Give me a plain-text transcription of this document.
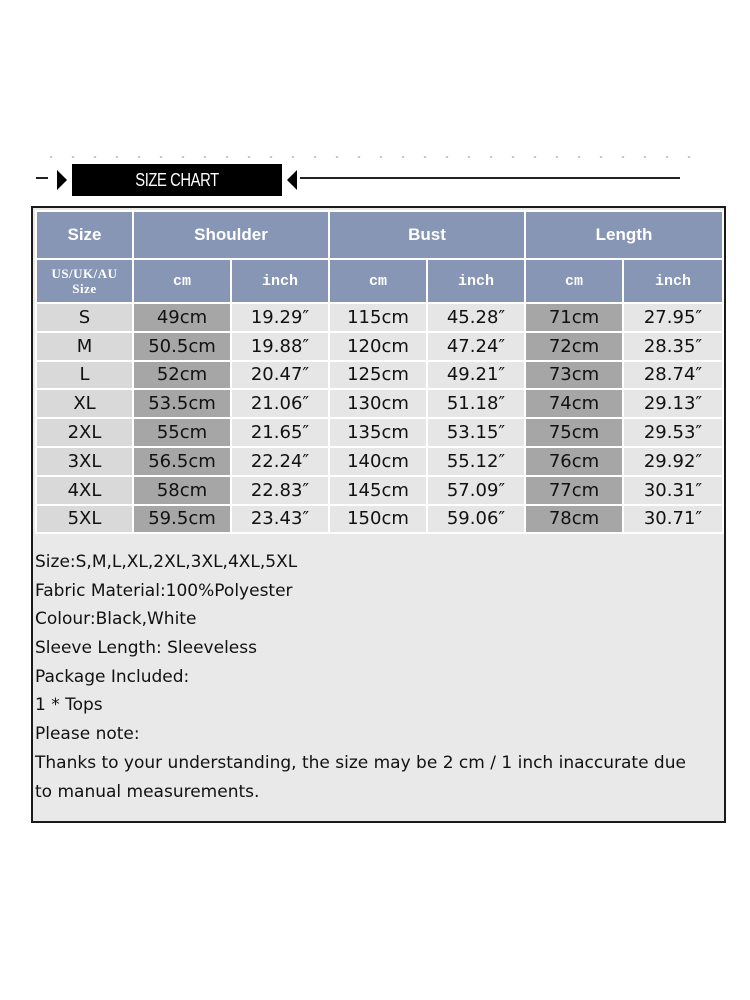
SIZE CHART
Size	Shoulder		Bust		Length	

US/UK/AU
Size	cm	inch	cm	inch	cm	inch
S	49cm	19.29″	115cm	45.28″	71cm	27.95″
M	50.5cm	19.88″	120cm	47.24″	72cm	28.35″
L	52cm	20.47″	125cm	49.21″	73cm	28.74″
XL	53.5cm	21.06″	130cm	51.18″	74cm	29.13″
2XL	55cm	21.65″	135cm	53.15″	75cm	29.53″
3XL	56.5cm	22.24″	140cm	55.12″	76cm	29.92″
4XL	58cm	22.83″	145cm	57.09″	77cm	30.31″
5XL	59.5cm	23.43″	150cm	59.06″	78cm	30.71″
Size:S,M,L,XL,2XL,3XL,4XL,5XL
Fabric Material:100%Polyester
Colour:Black,White
Sleeve Length: Sleeveless
Package Included:
1 * Tops
Please note:
Thanks to your understanding, the size may be 2 cm / 1 inch inaccurate due
to manual measurements.
